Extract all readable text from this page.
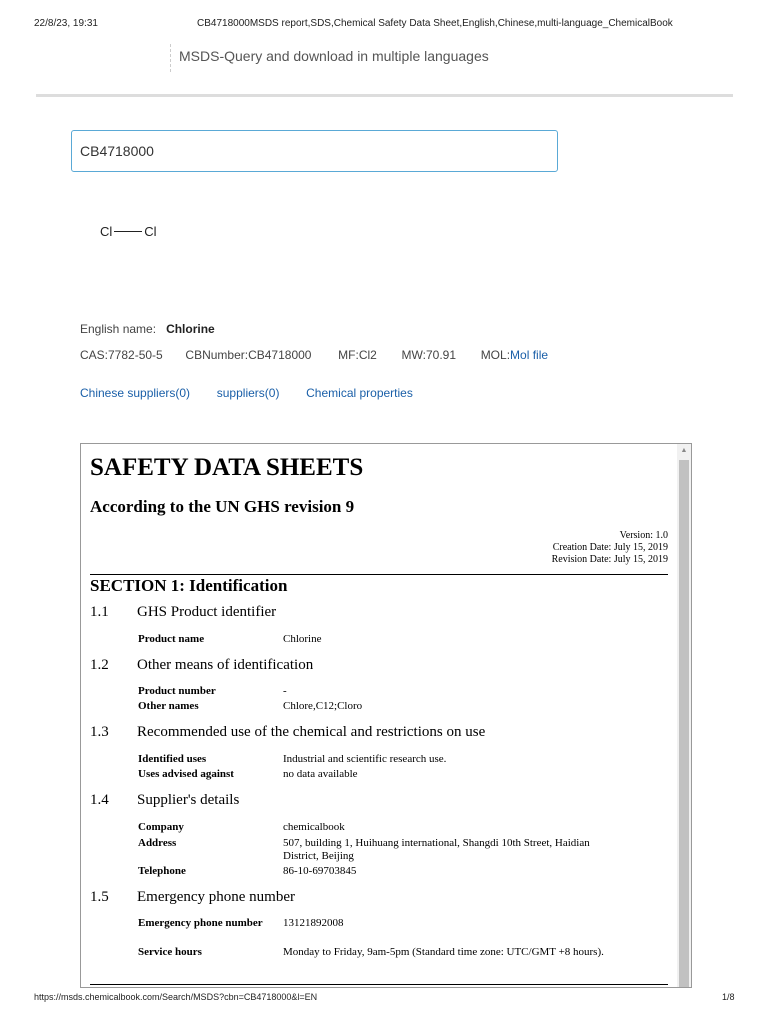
22/8/23, 19:31	CB4718000MSDS report,SDS,Chemical Safety Data Sheet,English,Chinese,multi-language_ChemicalBook
MSDS-Query and download in multiple languages
CB4718000
Cl Cl
English name: Chlorine
CAS:7782-50-5 CBNumber:CB4718000 MF:Cl2 MW:70.91 MOL:Mol file
Chinese suppliers(0) suppliers(0) Chemical properties
SAFETY DATA SHEETS
According to the UN GHS revision 9
Version: 1.0
Creation Date: July 15, 2019
Revision Date: July 15, 2019
SECTION 1: Identification
1.1 GHS Product identifier
Product name	Chlorine
1.2 Other means of identification
Product number	-
Other names	Chlore,C12;Cloro
1.3 Recommended use of the chemical and restrictions on use
Identified uses	Industrial and scientific research use.
Uses advised against	no data available
1.4 Supplier's details
Company	chemicalbook
Address	507, building 1, Huihuang international, Shangdi 10th Street, Haidian District, Beijing
Telephone	86-10-69703845
1.5 Emergency phone number
Emergency phone number	13121892008
Service hours	Monday to Friday, 9am-5pm (Standard time zone: UTC/GMT +8 hours).
▲
https://msds.chemicalbook.com/Search/MSDS?cbn=CB4718000&l=EN	1/8
